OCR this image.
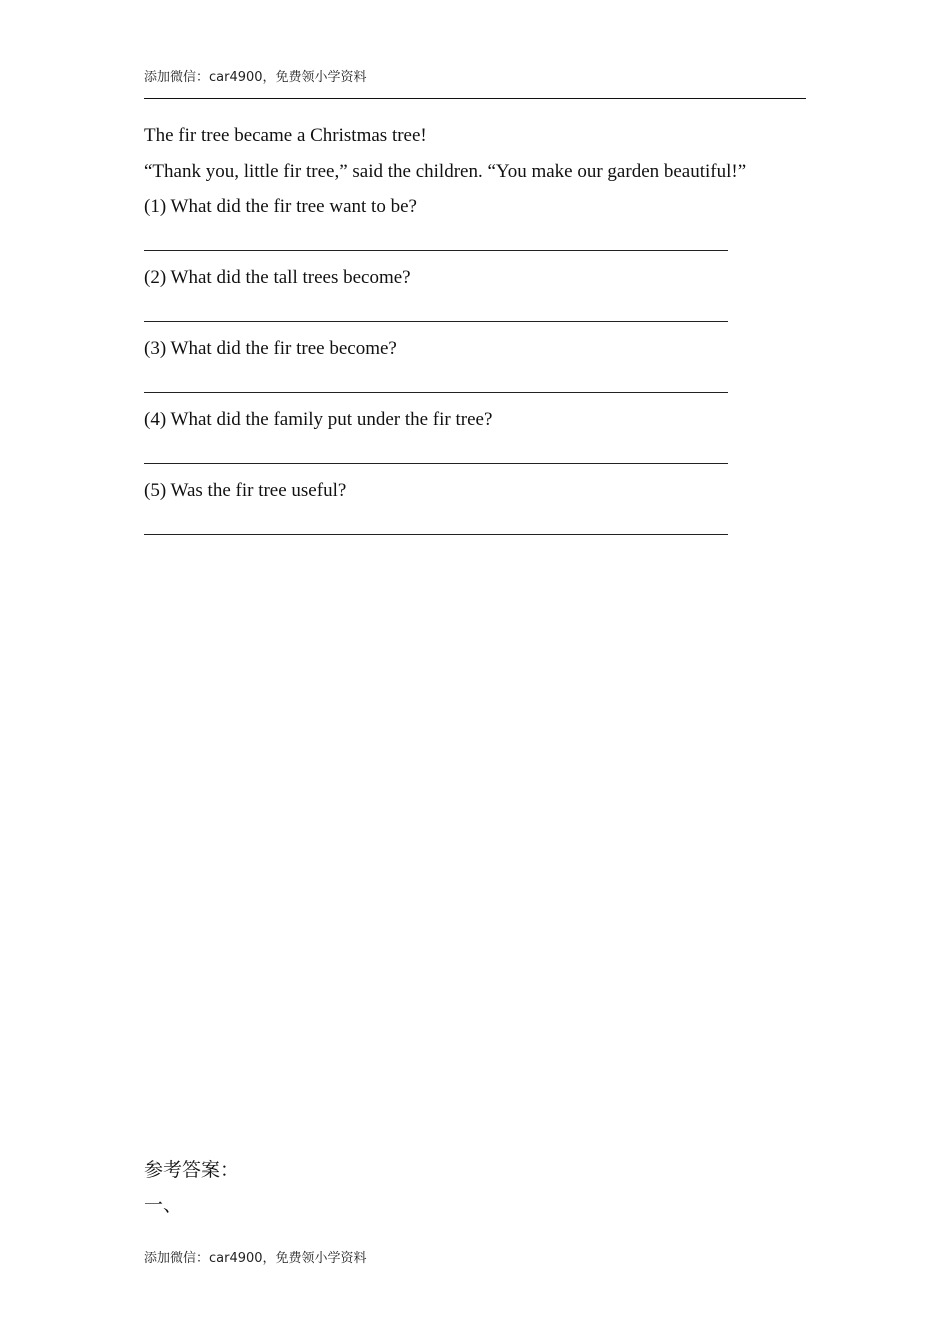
添加微信：car4900，免费领小学资料
The fir tree became a Christmas tree!
“Thank you, little fir tree,” said the children. “You make our garden beautiful!”
(1) What did the fir tree want to be?
(2) What did the tall trees become?
(3) What did the fir tree become?
(4) What did the family put under the fir tree?
(5) Was the fir tree useful?
参考答案：
一、
添加微信：car4900，免费领小学资料
